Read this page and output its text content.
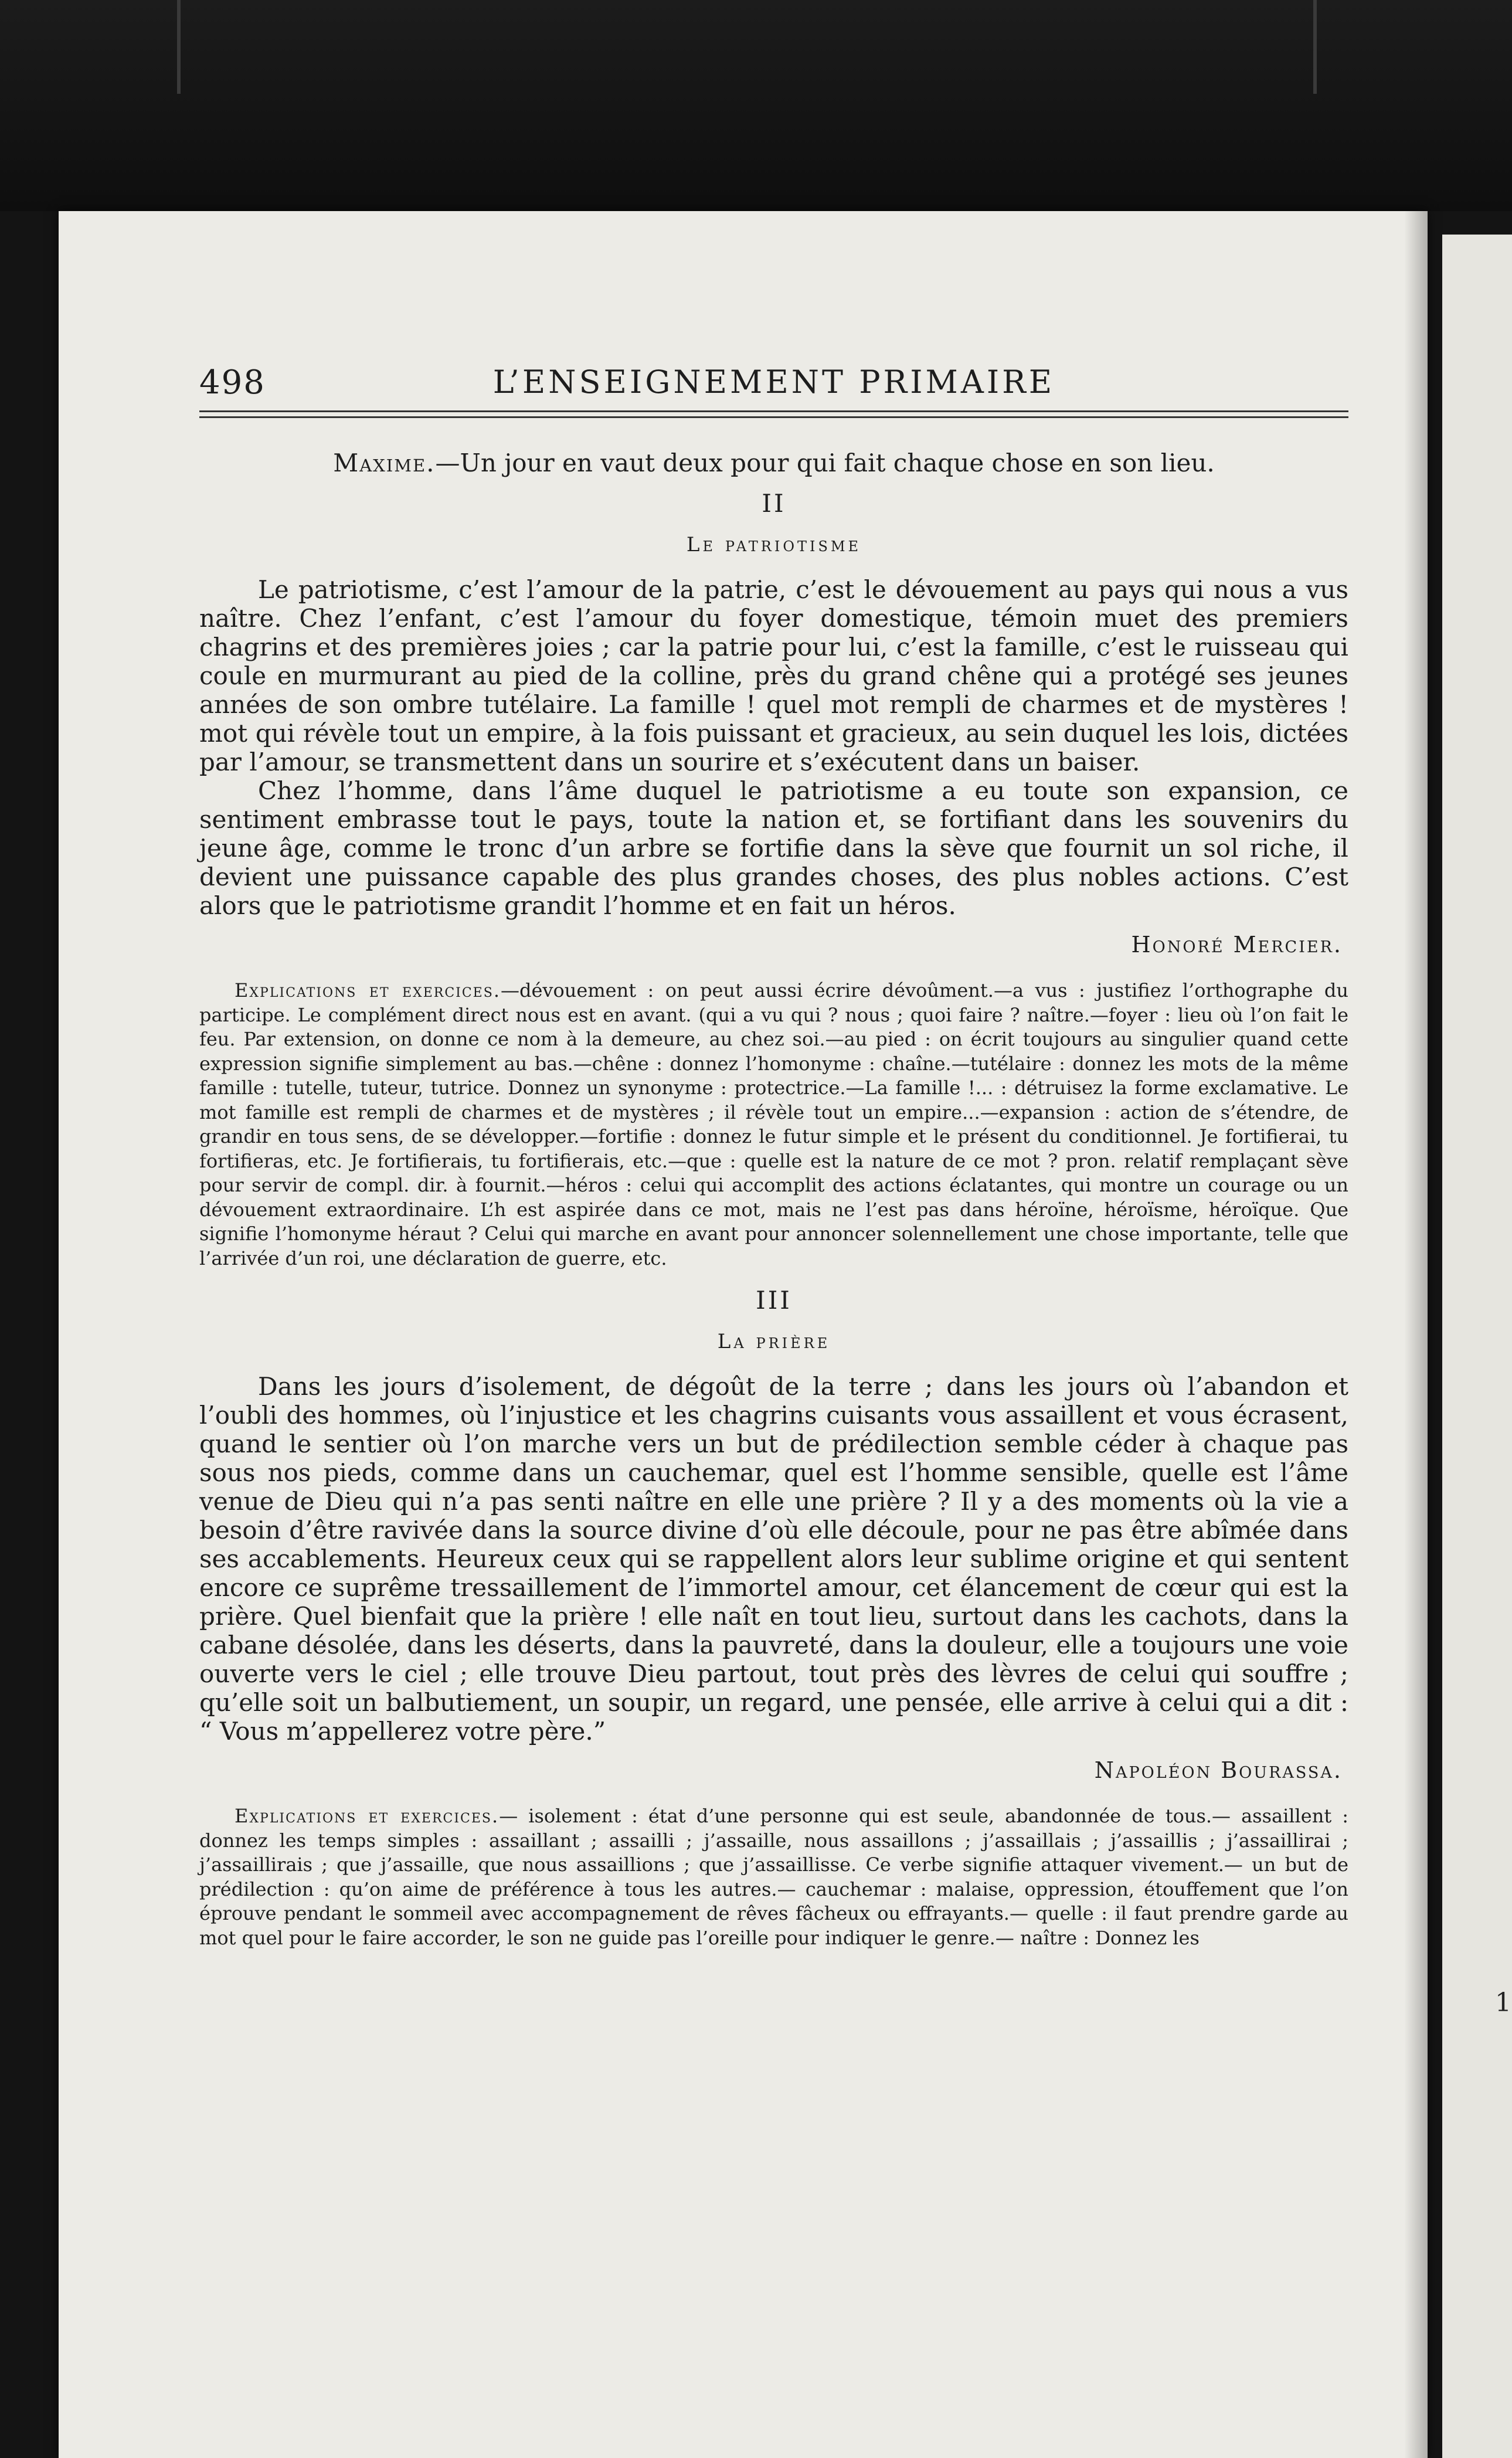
1
498	L’ENSEIGNEMENT PRIMAIRE
Maxime.—Un jour en vaut deux pour qui fait chaque chose en son lieu.
II
Le patriotisme

Le patriotisme, c’est l’amour de la patrie, c’est le dévouement au pays qui nous a vus naître. Chez l’enfant, c’est l’amour du foyer domestique, témoin muet des premiers chagrins et des premières joies ; car la patrie pour lui, c’est la famille, c’est le ruisseau qui coule en murmurant au pied de la colline, près du grand chêne qui a protégé ses jeunes années de son ombre tutélaire. La famille ! quel mot rempli de charmes et de mystères ! mot qui révèle tout un empire, à la fois puissant et gracieux, au sein duquel les lois, dictées par l’amour, se transmettent dans un sourire et s’exécutent dans un baiser.

Chez l’homme, dans l’âme duquel le patriotisme a eu toute son expansion, ce sentiment embrasse tout le pays, toute la nation et, se fortifiant dans les souvenirs du jeune âge, comme le tronc d’un arbre se fortifie dans la sève que fournit un sol riche, il devient une puissance capable des plus grandes choses, des plus nobles actions. C’est alors que le patriotisme grandit l’homme et en fait un héros.

Honoré Mercier.
Explications et exercices.—dévouement : on peut aussi écrire dévoûment.—a vus : justifiez l’orthographe du participe. Le complément direct nous est en avant. (qui a vu qui ? nous ; quoi faire ? naître.—foyer : lieu où l’on fait le feu. Par extension, on donne ce nom à la demeure, au chez soi.—au pied : on écrit toujours au singulier quand cette expression signifie simplement au bas.—chêne : donnez l’homonyme : chaîne.—tutélaire : donnez les mots de la même famille : tutelle, tuteur, tutrice. Donnez un synonyme : protectrice.—La famille !... : détruisez la forme exclamative. Le mot famille est rempli de charmes et de mystères ; il révèle tout un empire...—expansion : action de s’étendre, de grandir en tous sens, de se développer.—fortifie : donnez le futur simple et le présent du conditionnel. Je fortifierai, tu fortifieras, etc. Je fortifierais, tu fortifierais, etc.—que : quelle est la nature de ce mot ? pron. relatif remplaçant sève pour servir de compl. dir. à fournit.—héros : celui qui accomplit des actions éclatantes, qui montre un courage ou un dévouement extraordinaire. L’h est aspirée dans ce mot, mais ne l’est pas dans héroïne, héroïsme, héroïque. Que signifie l’homonyme héraut ? Celui qui marche en avant pour annoncer solennellement une chose importante, telle que l’arrivée d’un roi, une déclaration de guerre, etc.
III
La prière

Dans les jours d’isolement, de dégoût de la terre ; dans les jours où l’abandon et l’oubli des hommes, où l’injustice et les chagrins cuisants vous assaillent et vous écrasent, quand le sentier où l’on marche vers un but de prédilection semble céder à chaque pas sous nos pieds, comme dans un cauchemar, quel est l’homme sensible, quelle est l’âme venue de Dieu qui n’a pas senti naître en elle une prière ? Il y a des moments où la vie a besoin d’être ravivée dans la source divine d’où elle découle, pour ne pas être abîmée dans ses accablements. Heureux ceux qui se rappellent alors leur sublime origine et qui sentent encore ce suprême tressaillement de l’immortel amour, cet élancement de cœur qui est la prière. Quel bienfait que la prière ! elle naît en tout lieu, surtout dans les cachots, dans la cabane désolée, dans les déserts, dans la pauvreté, dans la douleur, elle a toujours une voie ouverte vers le ciel ; elle trouve Dieu partout, tout près des lèvres de celui qui souffre ; qu’elle soit un balbutiement, un soupir, un regard, une pensée, elle arrive à celui qui a dit : “ Vous m’appellerez votre père.”

Napoléon Bourassa.
Explications et exercices.— isolement : état d’une personne qui est seule, abandonnée de tous.— assaillent : donnez les temps simples : assaillant ; assailli ; j’assaille, nous assaillons ; j’assaillais ; j’assaillis ; j’assaillirai ; j’assaillirais ; que j’assaille, que nous assaillions ; que j’assaillisse. Ce verbe signifie attaquer vivement.— un but de prédilection : qu’on aime de préférence à tous les autres.— cauchemar : malaise, oppression, étouffement que l’on éprouve pendant le sommeil avec accompagnement de rêves fâcheux ou effrayants.— quelle : il faut prendre garde au mot quel pour le faire accorder, le son ne guide pas l’oreille pour indiquer le genre.— naître : Donnez les
